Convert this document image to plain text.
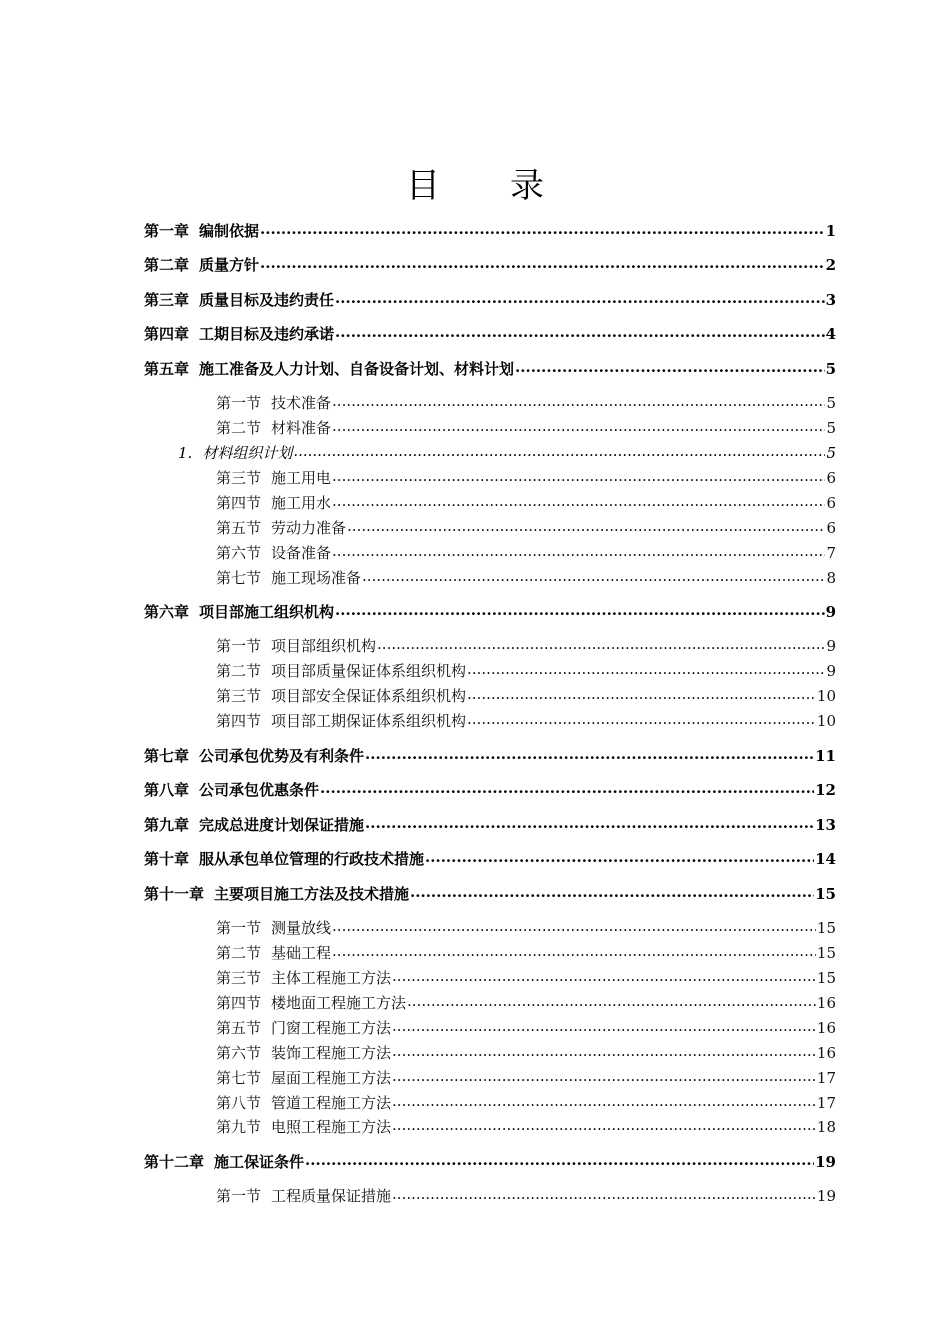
目 录
第一章 编制依据 .....	1
第二章 质量方针 .....	2
第三章 质量目标及违约责任 .....	3
第四章 工期目标及违约承诺 .....	4
第五章 施工准备及人力计划、自备设备计划、材料计划 .....	5
第一节 技术准备 .....	5
第二节 材料准备 .....	5
1. 材料组织计划 .....	5
第三节 施工用电 .....	6
第四节 施工用水 .....	6
第五节 劳动力准备 .....	6
第六节 设备准备 .....	7
第七节 施工现场准备 .....	8
第六章 项目部施工组织机构 .....	9
第一节 项目部组织机构 .....	9
第二节 项目部质量保证体系组织机构 .....	9
第三节 项目部安全保证体系组织机构 .....	10
第四节 项目部工期保证体系组织机构 .....	10
第七章 公司承包优势及有利条件 .....	11
第八章 公司承包优惠条件 .....	12
第九章 完成总进度计划保证措施 .....	13
第十章 服从承包单位管理的行政技术措施 .....	14
第十一章 主要项目施工方法及技术措施 .....	15
第一节 测量放线 .....	15
第二节 基础工程 .....	15
第三节 主体工程施工方法 .....	15
第四节 楼地面工程施工方法 .....	16
第五节 门窗工程施工方法 .....	16
第六节 装饰工程施工方法 .....	16
第七节 屋面工程施工方法 .....	17
第八节 管道工程施工方法 .....	17
第九节 电照工程施工方法 .....	18
第十二章 施工保证条件 .....	19
第一节 工程质量保证措施 .....	19
